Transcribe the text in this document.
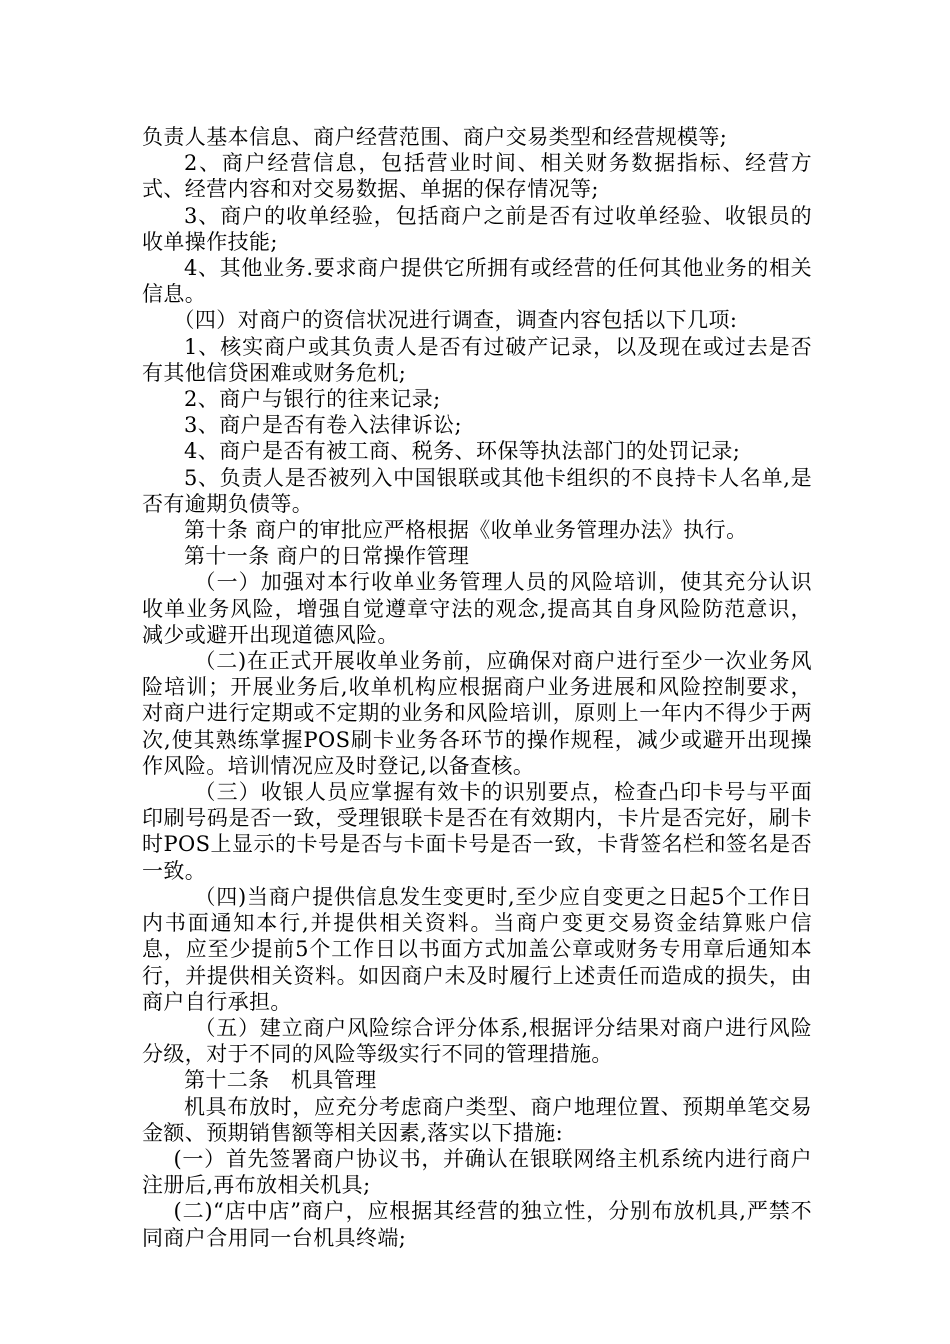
负责人基本信息、商户经营范围、商户交易类型和经营规模等;

2、商户经营信息，包括营业时间、相关财务数据指标、经营方式、经营内容和对交易数据、单据的保存情况等;

3、商户的收单经验，包括商户之前是否有过收单经验、收银员的收单操作技能;

4、其他业务.要求商户提供它所拥有或经营的任何其他业务的相关信息。

（四）对商户的资信状况进行调查，调查内容包括以下几项:

1、核实商户或其负责人是否有过破产记录，以及现在或过去是否有其他信贷困难或财务危机;

2、商户与银行的往来记录;

3、商户是否有卷入法律诉讼;

4、商户是否有被工商、税务、环保等执法部门的处罚记录;

5、负责人是否被列入中国银联或其他卡组织的不良持卡人名单,是否有逾期负债等。

第十条 商户的审批应严格根据《收单业务管理办法》执行。

第十一条 商户的日常操作管理

（一）加强对本行收单业务管理人员的风险培训，使其充分认识收单业务风险，增强自觉遵章守法的观念,提高其自身风险防范意识，减少或避开出现道德风险。

（二)在正式开展收单业务前，应确保对商户进行至少一次业务风险培训；开展业务后,收单机构应根据商户业务进展和风险控制要求，对商户进行定期或不定期的业务和风险培训，原则上一年内不得少于两次,使其熟练掌握POS刷卡业务各环节的操作规程，减少或避开出现操作风险。培训情况应及时登记,以备查核。

（三）收银人员应掌握有效卡的识别要点，检查凸印卡号与平面印刷号码是否一致，受理银联卡是否在有效期内，卡片是否完好，刷卡时POS上显示的卡号是否与卡面卡号是否一致，卡背签名栏和签名是否一致。

（四)当商户提供信息发生变更时,至少应自变更之日起5个工作日内书面通知本行,并提供相关资料。当商户变更交易资金结算账户信息，应至少提前5个工作日以书面方式加盖公章或财务专用章后通知本行，并提供相关资料。如因商户未及时履行上述责任而造成的损失，由商户自行承担。

（五）建立商户风险综合评分体系,根据评分结果对商户进行风险分级，对于不同的风险等级实行不同的管理措施。

第十二条　机具管理

机具布放时，应充分考虑商户类型、商户地理位置、预期单笔交易金额、预期销售额等相关因素,落实以下措施:

(一）首先签署商户协议书，并确认在银联网络主机系统内进行商户注册后,再布放相关机具;

(二)“店中店”商户，应根据其经营的独立性，分别布放机具,严禁不同商户合用同一台机具终端;
